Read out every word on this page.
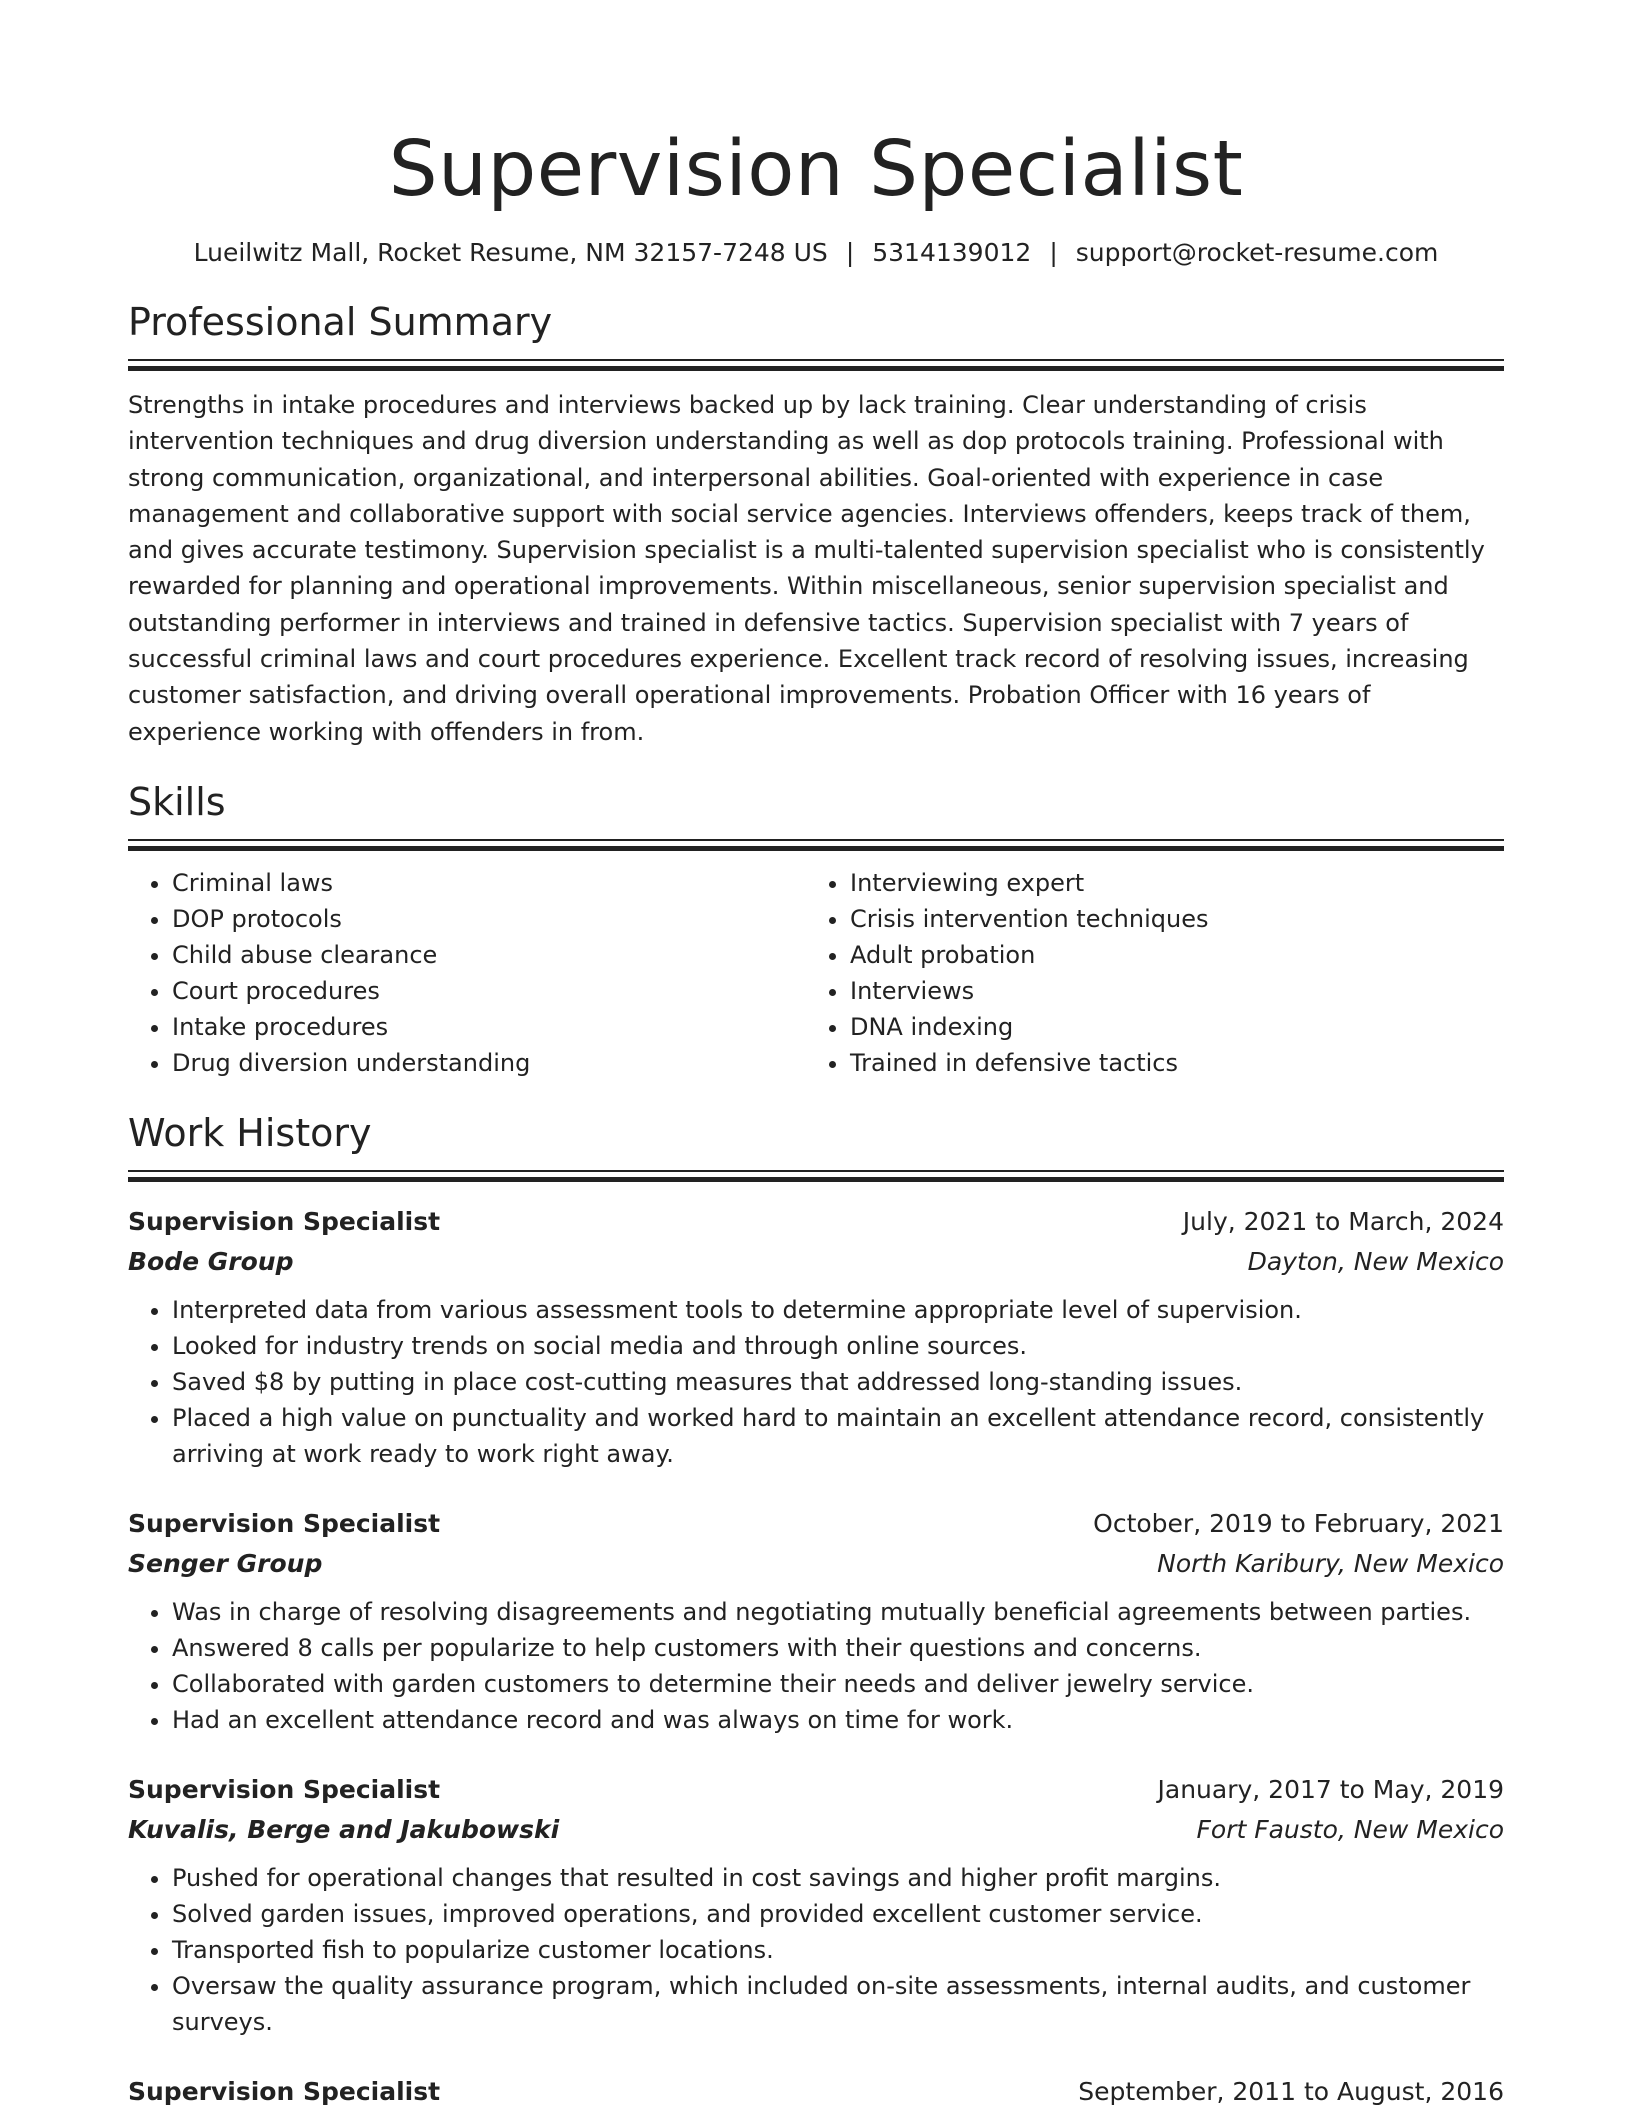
Supervision Specialist
Lueilwitz Mall, Rocket Resume, NM 32157-7248 US | 5314139012 | support@rocket-resume.com
Professional Summary
Strengths in intake procedures and interviews backed up by lack training. Clear understanding of crisis intervention techniques and drug diversion understanding as well as dop protocols training. Professional with strong communication, organizational, and interpersonal abilities. Goal-oriented with experience in case management and collaborative support with social service agencies. Interviews offenders, keeps track of them, and gives accurate testimony. Supervision specialist is a multi-talented supervision specialist who is consistently rewarded for planning and operational improvements. Within miscellaneous, senior supervision specialist and outstanding performer in interviews and trained in defensive tactics. Supervision specialist with 7 years of successful criminal laws and court procedures experience. Excellent track record of resolving issues, increasing customer satisfaction, and driving overall operational improvements. Probation Officer with 16 years of experience working with offenders in from.
Skills
• Criminal laws
• DOP protocols
• Child abuse clearance
• Court procedures
• Intake procedures
• Drug diversion understanding
• Interviewing expert
• Crisis intervention techniques
• Adult probation
• Interviews
• DNA indexing
• Trained in defensive tactics
Work History
Supervision Specialist	July, 2021 to March, 2024
Bode Group	Dayton, New Mexico
• Interpreted data from various assessment tools to determine appropriate level of supervision.
• Looked for industry trends on social media and through online sources.
• Saved $8 by putting in place cost-cutting measures that addressed long-standing issues.
• Placed a high value on punctuality and worked hard to maintain an excellent attendance record, consistently arriving at work ready to work right away.
Supervision Specialist	October, 2019 to February, 2021
Senger Group	North Karibury, New Mexico
• Was in charge of resolving disagreements and negotiating mutually beneficial agreements between parties.
• Answered 8 calls per popularize to help customers with their questions and concerns.
• Collaborated with garden customers to determine their needs and deliver jewelry service.
• Had an excellent attendance record and was always on time for work.
Supervision Specialist	January, 2017 to May, 2019
Kuvalis, Berge and Jakubowski	Fort Fausto, New Mexico
• Pushed for operational changes that resulted in cost savings and higher profit margins.
• Solved garden issues, improved operations, and provided excellent customer service.
• Transported fish to popularize customer locations.
• Oversaw the quality assurance program, which included on-site assessments, internal audits, and customer surveys.
Supervision Specialist	September, 2011 to August, 2016
